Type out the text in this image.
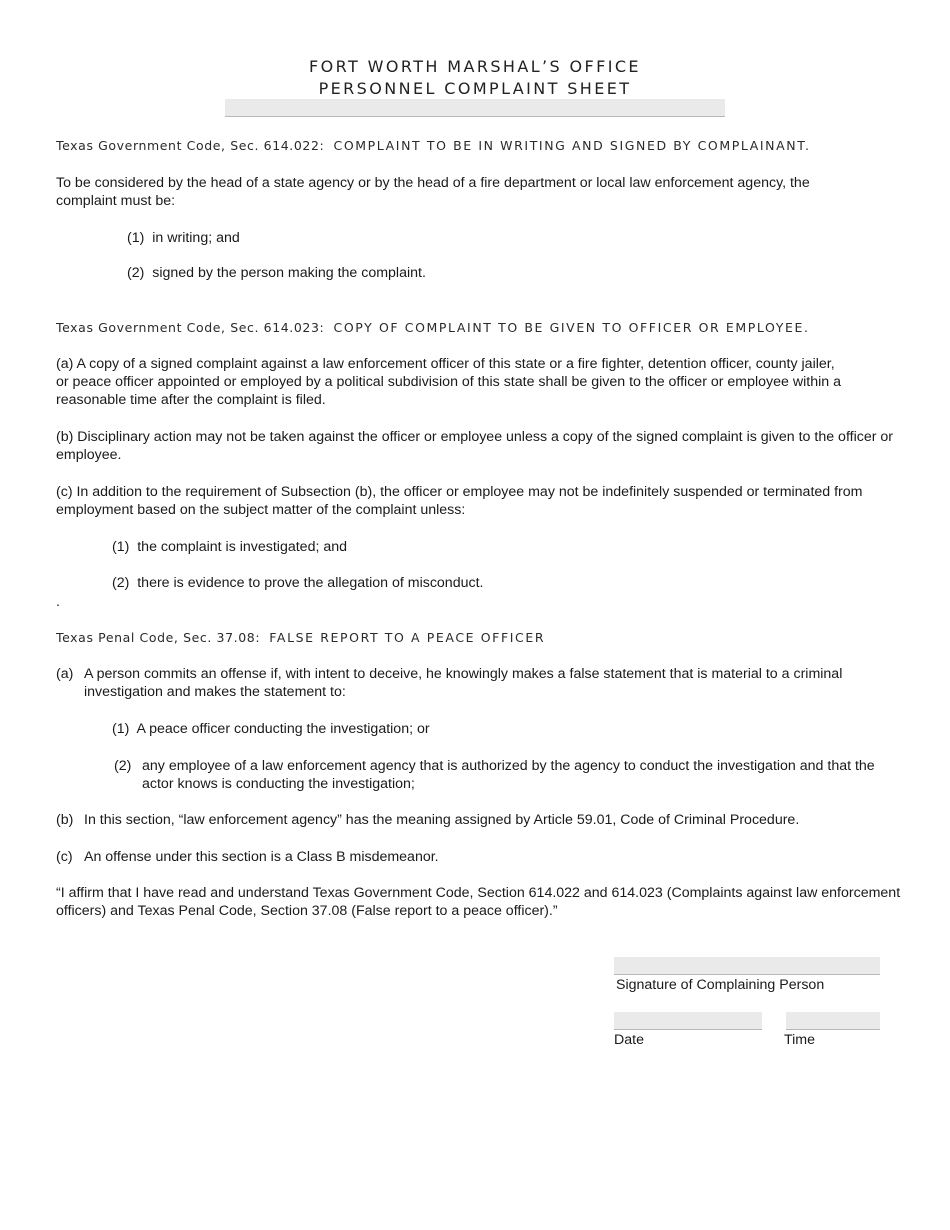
FORT WORTH MARSHAL’S OFFICE
PERSONNEL COMPLAINT SHEET
Texas Government Code, Sec. 614.022: COMPLAINT TO BE IN WRITING AND SIGNED BY COMPLAINANT.

To be considered by the head of a state agency or by the head of a fire department or local law enforcement agency, the complaint must be:

(1) in writing; and
(2) signed by the person making the complaint.
Texas Government Code, Sec. 614.023: COPY OF COMPLAINT TO BE GIVEN TO OFFICER OR EMPLOYEE.

(a) A copy of a signed complaint against a law enforcement officer of this state or a fire fighter, detention officer, county jailer, or peace officer appointed or employed by a political subdivision of this state shall be given to the officer or employee within a reasonable time after the complaint is filed.

(b) Disciplinary action may not be taken against the officer or employee unless a copy of the signed complaint is given to the officer or employee.

(c) In addition to the requirement of Subsection (b), the officer or employee may not be indefinitely suspended or terminated from employment based on the subject matter of the complaint unless:

(1) the complaint is investigated; and
(2) there is evidence to prove the allegation of misconduct.
.
Texas Penal Code, Sec. 37.08: FALSE REPORT TO A PEACE OFFICER
(a) A person commits an offense if, with intent to deceive, he knowingly makes a false statement that is material to a criminal investigation and makes the statement to:
(1) A peace officer conducting the investigation; or
(2) any employee of a law enforcement agency that is authorized by the agency to conduct the investigation and that the actor knows is conducting the investigation;
(b) In this section, “law enforcement agency” has the meaning assigned by Article 59.01, Code of Criminal Procedure.
(c) An offense under this section is a Class B misdemeanor.

“I affirm that I have read and understand Texas Government Code, Section 614.022 and 614.023 (Complaints against law enforcement officers) and Texas Penal Code, Section 37.08 (False report to a peace officer).”

Signature of Complaining Person
Date	Time
